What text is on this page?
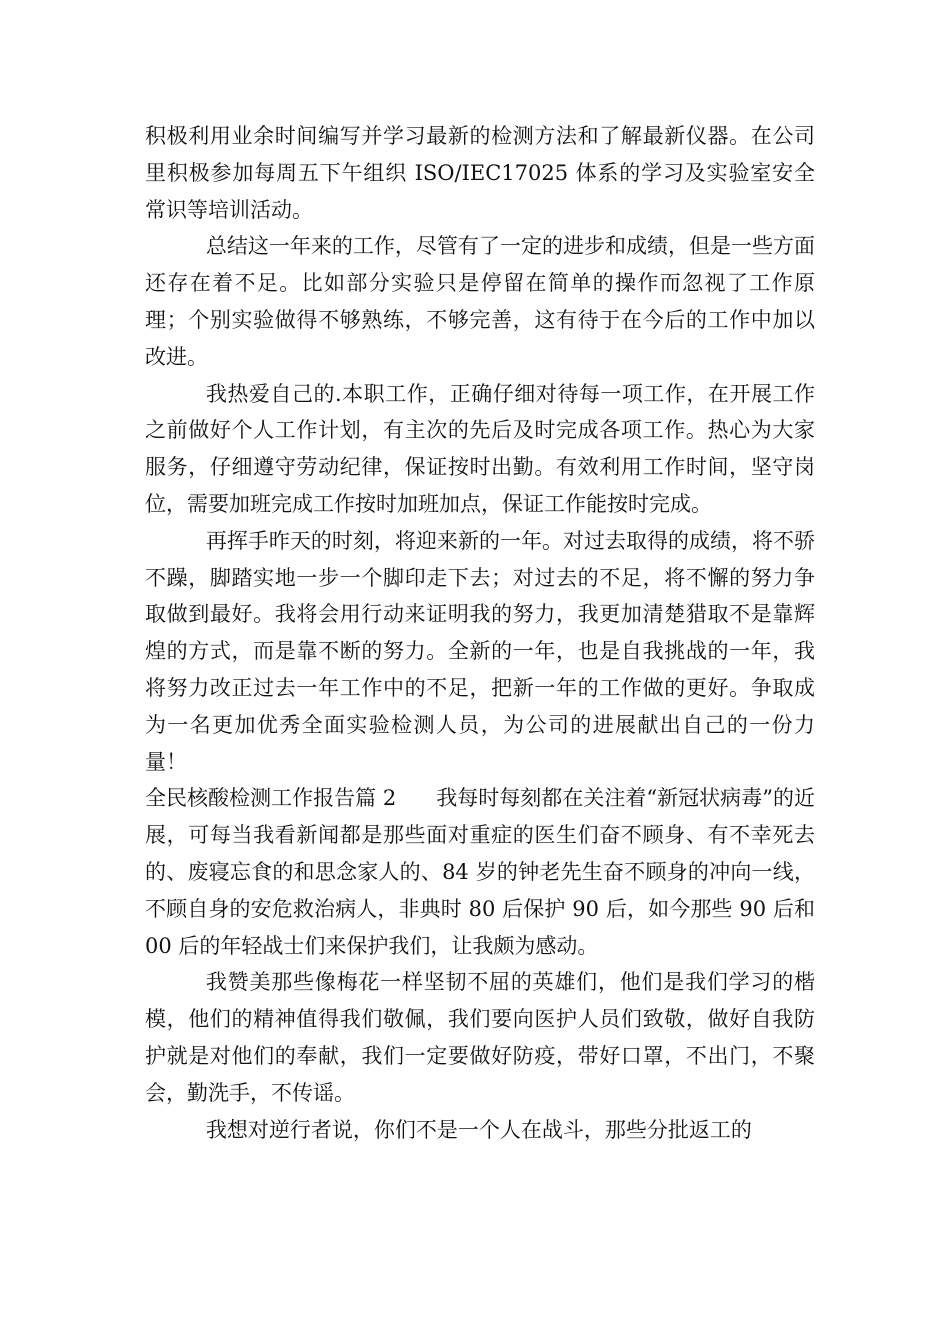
积极利用业余时间编写并学习最新的检测方法和了解最新仪器。在公司里积极参加每周五下午组织 ISO/IEC17025 体系的学习及实验室安全常识等培训活动。

总结这一年来的工作，尽管有了一定的进步和成绩，但是一些方面还存在着不足。比如部分实验只是停留在简单的操作而忽视了工作原理；个别实验做得不够熟练，不够完善，这有待于在今后的工作中加以改进。

我热爱自己的.本职工作，正确仔细对待每一项工作，在开展工作之前做好个人工作计划，有主次的先后及时完成各项工作。热心为大家服务，仔细遵守劳动纪律，保证按时出勤。有效利用工作时间，坚守岗位，需要加班完成工作按时加班加点，保证工作能按时完成。

再挥手昨天的时刻，将迎来新的一年。对过去取得的成绩，将不骄不躁，脚踏实地一步一个脚印走下去；对过去的不足，将不懈的努力争取做到最好。我将会用行动来证明我的努力，我更加清楚猎取不是靠辉煌的方式，而是靠不断的努力。全新的一年，也是自我挑战的一年，我将努力改正过去一年工作中的不足，把新一年的工作做的更好。争取成为一名更加优秀全面实验检测人员，为公司的进展献出自己的一份力量！

全民核酸检测工作报告篇 2 我每时每刻都在关注着“新冠状病毒”的近展，可每当我看新闻都是那些面对重症的医生们奋不顾身、有不幸死去的、废寝忘食的和思念家人的、84 岁的钟老先生奋不顾身的冲向一线，不顾自身的安危救治病人，非典时 80 后保护 90 后，如今那些 90 后和 00 后的年轻战士们来保护我们，让我颇为感动。

我赞美那些像梅花一样坚韧不屈的英雄们，他们是我们学习的楷模，他们的精神值得我们敬佩，我们要向医护人员们致敬，做好自我防护就是对他们的奉献，我们一定要做好防疫，带好口罩，不出门，不聚会，勤洗手，不传谣。

我想对逆行者说，你们不是一个人在战斗，那些分批返工的
